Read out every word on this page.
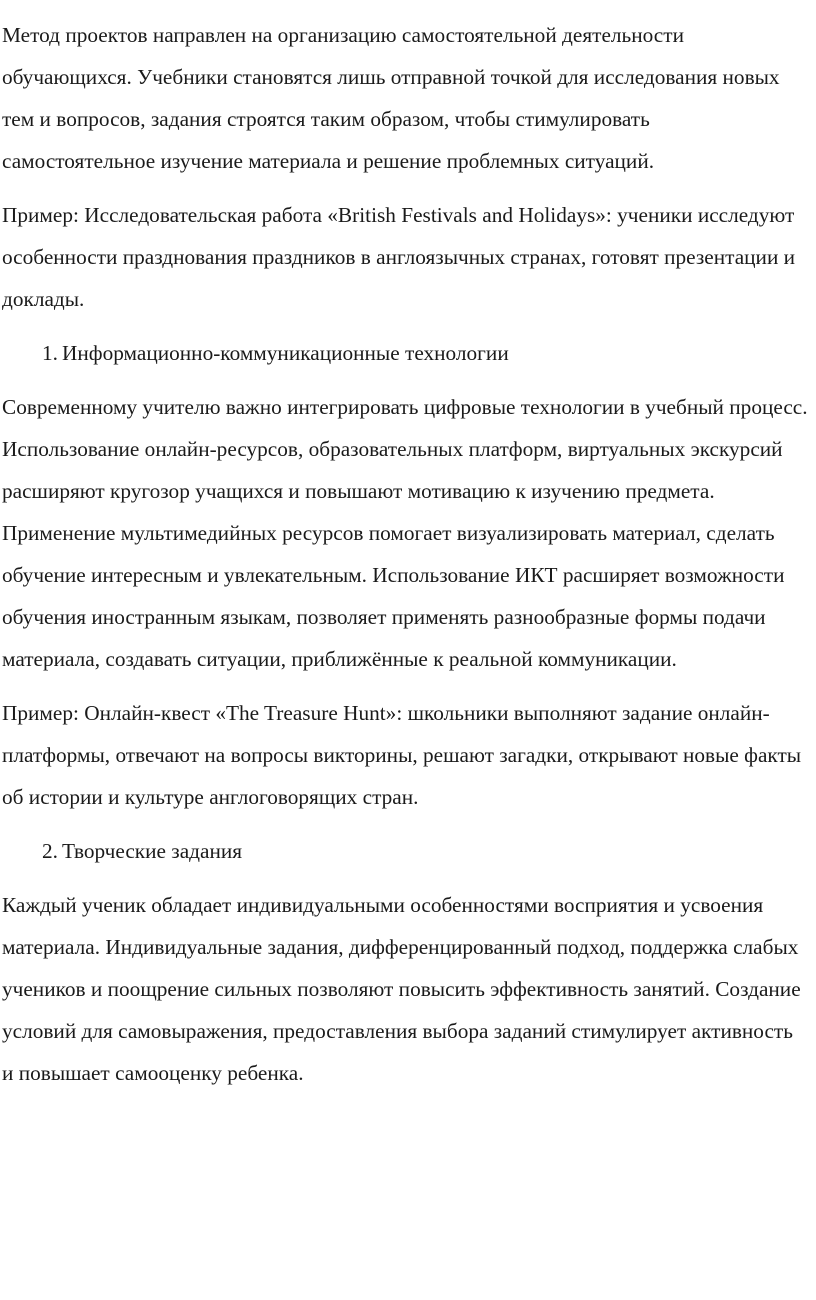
Метод проектов направлен на организацию самостоятельной деятельности обучающихся. Учебники становятся лишь отправной точкой для исследования новых тем и вопросов, задания строятся таким образом, чтобы стимулировать самостоятельное изучение материала и решение проблемных ситуаций.

Пример: Исследовательская работа «British Festivals and Holidays»: ученики исследуют особенности празднования праздников в англоязычных странах, готовят презентации и доклады.

1. Информационно-коммуникационные технологии

Современному учителю важно интегрировать цифровые технологии в учебный процесс. Использование онлайн-ресурсов, образовательных платформ, виртуальных экскурсий расширяют кругозор учащихся и повышают мотивацию к изучению предмета. Применение мультимедийных ресурсов помогает визуализировать материал, сделать обучение интересным и увлекательным. Использование ИКТ расширяет возможности обучения иностранным языкам, позволяет применять разнообразные формы подачи материала, создавать ситуации, приближённые к реальной коммуникации.

Пример: Онлайн-квест «The Treasure Hunt»: школьники выполняют задание онлайн-платформы, отвечают на вопросы викторины, решают загадки, открывают новые факты об истории и культуре англоговорящих стран.

2. Творческие задания

Каждый ученик обладает индивидуальными особенностями восприятия и усвоения материала. Индивидуальные задания, дифференцированный подход, поддержка слабых учеников и поощрение сильных позволяют повысить эффективность занятий. Создание условий для самовыражения, предоставления выбора заданий стимулирует активность и повышает самооценку ребенка.
